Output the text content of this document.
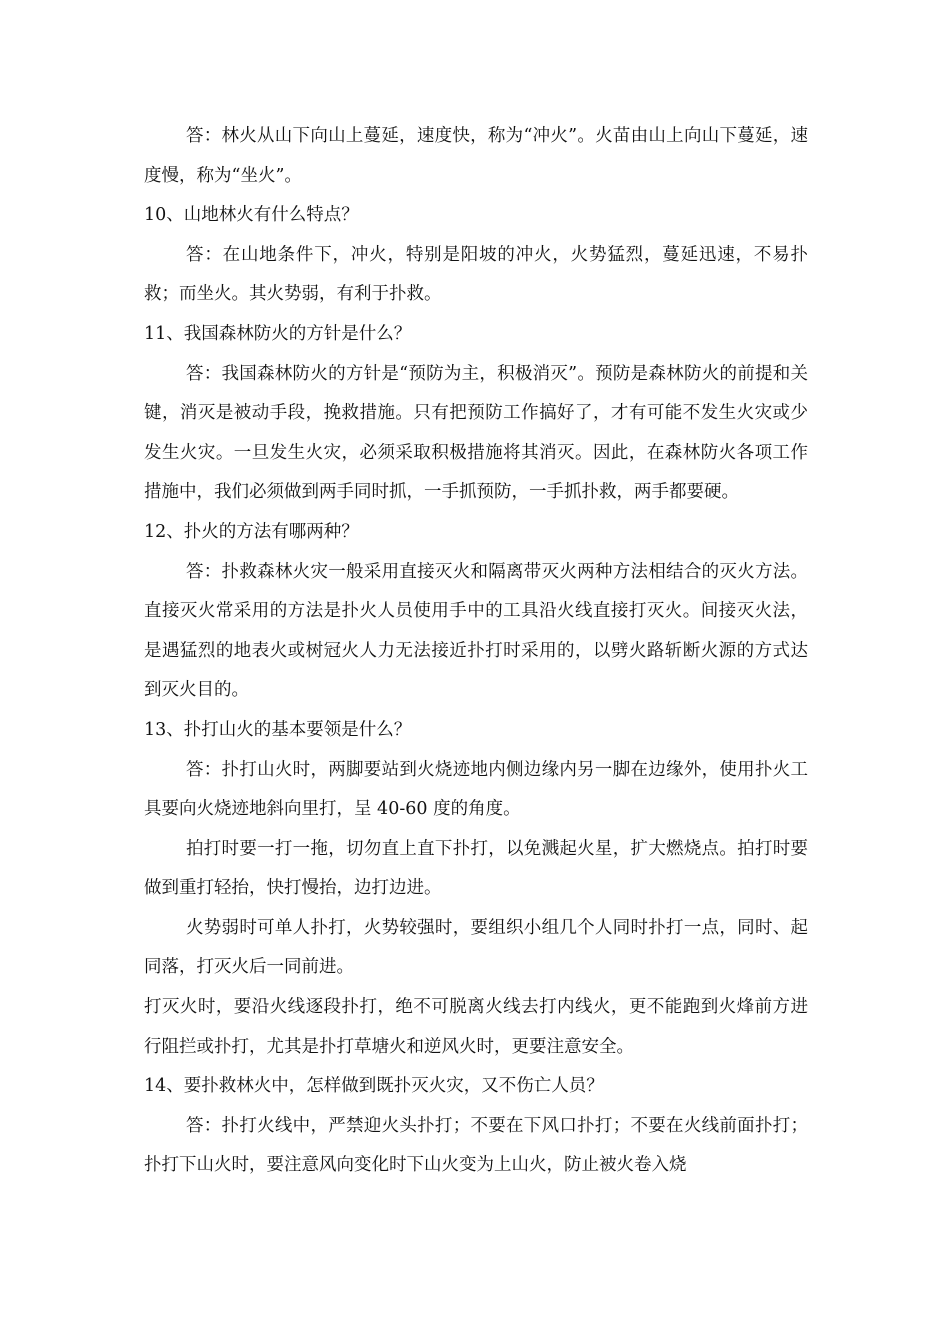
答：林火从山下向山上蔓延，速度快，称为“冲火”。火苗由山上向山下蔓延，速度慢，称为“坐火”。

10、山地林火有什么特点？

答：在山地条件下，冲火，特别是阳坡的冲火，火势猛烈，蔓延迅速，不易扑救；而坐火。其火势弱，有利于扑救。

11、我国森林防火的方针是什么？

答：我国森林防火的方针是“预防为主，积极消灭”。预防是森林防火的前提和关键，消灭是被动手段，挽救措施。只有把预防工作搞好了，才有可能不发生火灾或少发生火灾。一旦发生火灾，必须采取积极措施将其消灭。因此，在森林防火各项工作措施中，我们必须做到两手同时抓，一手抓预防，一手抓扑救，两手都要硬。

12、扑火的方法有哪两种？

答：扑救森林火灾一般采用直接灭火和隔离带灭火两种方法相结合的灭火方法。直接灭火常采用的方法是扑火人员使用手中的工具沿火线直接打灭火。间接灭火法，是遇猛烈的地表火或树冠火人力无法接近扑打时采用的，以劈火路斩断火源的方式达到灭火目的。

13、扑打山火的基本要领是什么？

答：扑打山火时，两脚要站到火烧迹地内侧边缘内另一脚在边缘外，使用扑火工具要向火烧迹地斜向里打，呈 40-60 度的角度。

拍打时要一打一拖，切勿直上直下扑打，以免溅起火星，扩大燃烧点。拍打时要做到重打轻抬，快打慢抬，边打边进。

火势弱时可单人扑打，火势较强时，要组织小组几个人同时扑打一点，同时、起同落，打灭火后一同前进。

打灭火时，要沿火线逐段扑打，绝不可脱离火线去打内线火，更不能跑到火烽前方进行阻拦或扑打，尤其是扑打草塘火和逆风火时，更要注意安全。

14、要扑救林火中，怎样做到既扑灭火灾，又不伤亡人员？

答：扑打火线中，严禁迎火头扑打；不要在下风口扑打；不要在火线前面扑打；扑打下山火时，要注意风向变化时下山火变为上山火，防止被火卷入烧
